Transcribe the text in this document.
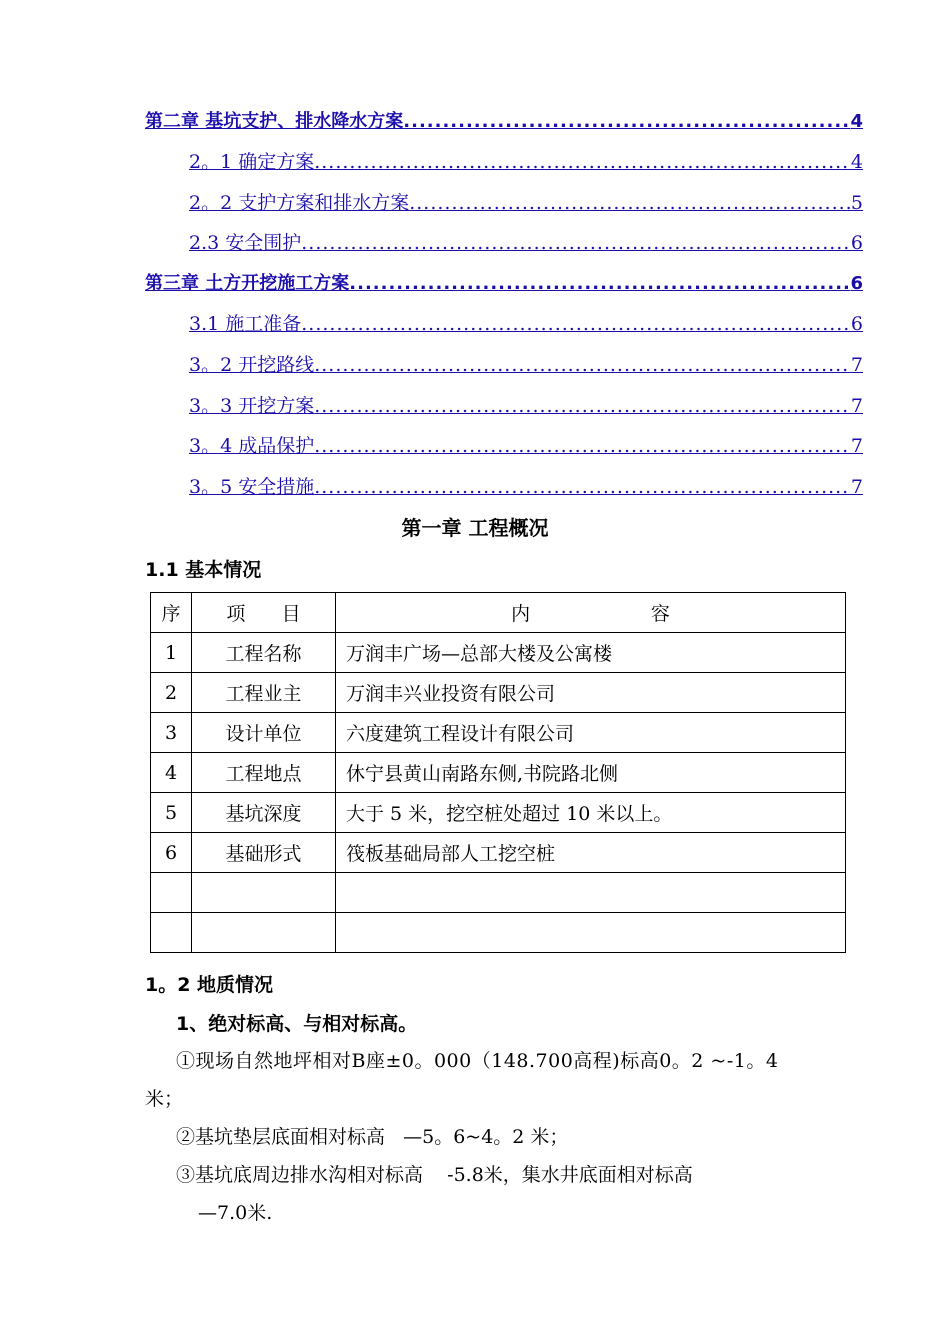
第二章 基坑支护、排水降水方案 .....	4
2。1 确定方案 .....	4
2。2 支护方案和排水方案 .....	5
2.3 安全围护 .....	6
第三章 土方开挖施工方案 .....	6
3.1 施工准备 .....	6
3。2 开挖路线 .....	7
3。3 开挖方案 .....	7
3。4 成品保护 .....	7
3。5 安全措施 .....	7
第一章 工程概况
1.1 基本情况
序	项      目	内                    容
1	工程名称	万润丰广场—总部大楼及公寓楼
2	工程业主	万润丰兴业投资有限公司
3	设计单位	六度建筑工程设计有限公司
4	工程地点	休宁县黄山南路东侧,书院路北侧
5	基坑深度	大于 5 米，挖空桩处超过 10 米以上。
6	基础形式	筏板基础局部人工挖空桩

1。2 地质情况
1、绝对标高、与相对标高。
①现场自然地坪相对B座±0。000（148.700高程)标高0。2 ~-1。4
米；
②基坑垫层底面相对标高   —5。6~4。2 米；
③基坑底周边排水沟相对标高    -5.8米，集水井底面相对标高
—7.0米.
